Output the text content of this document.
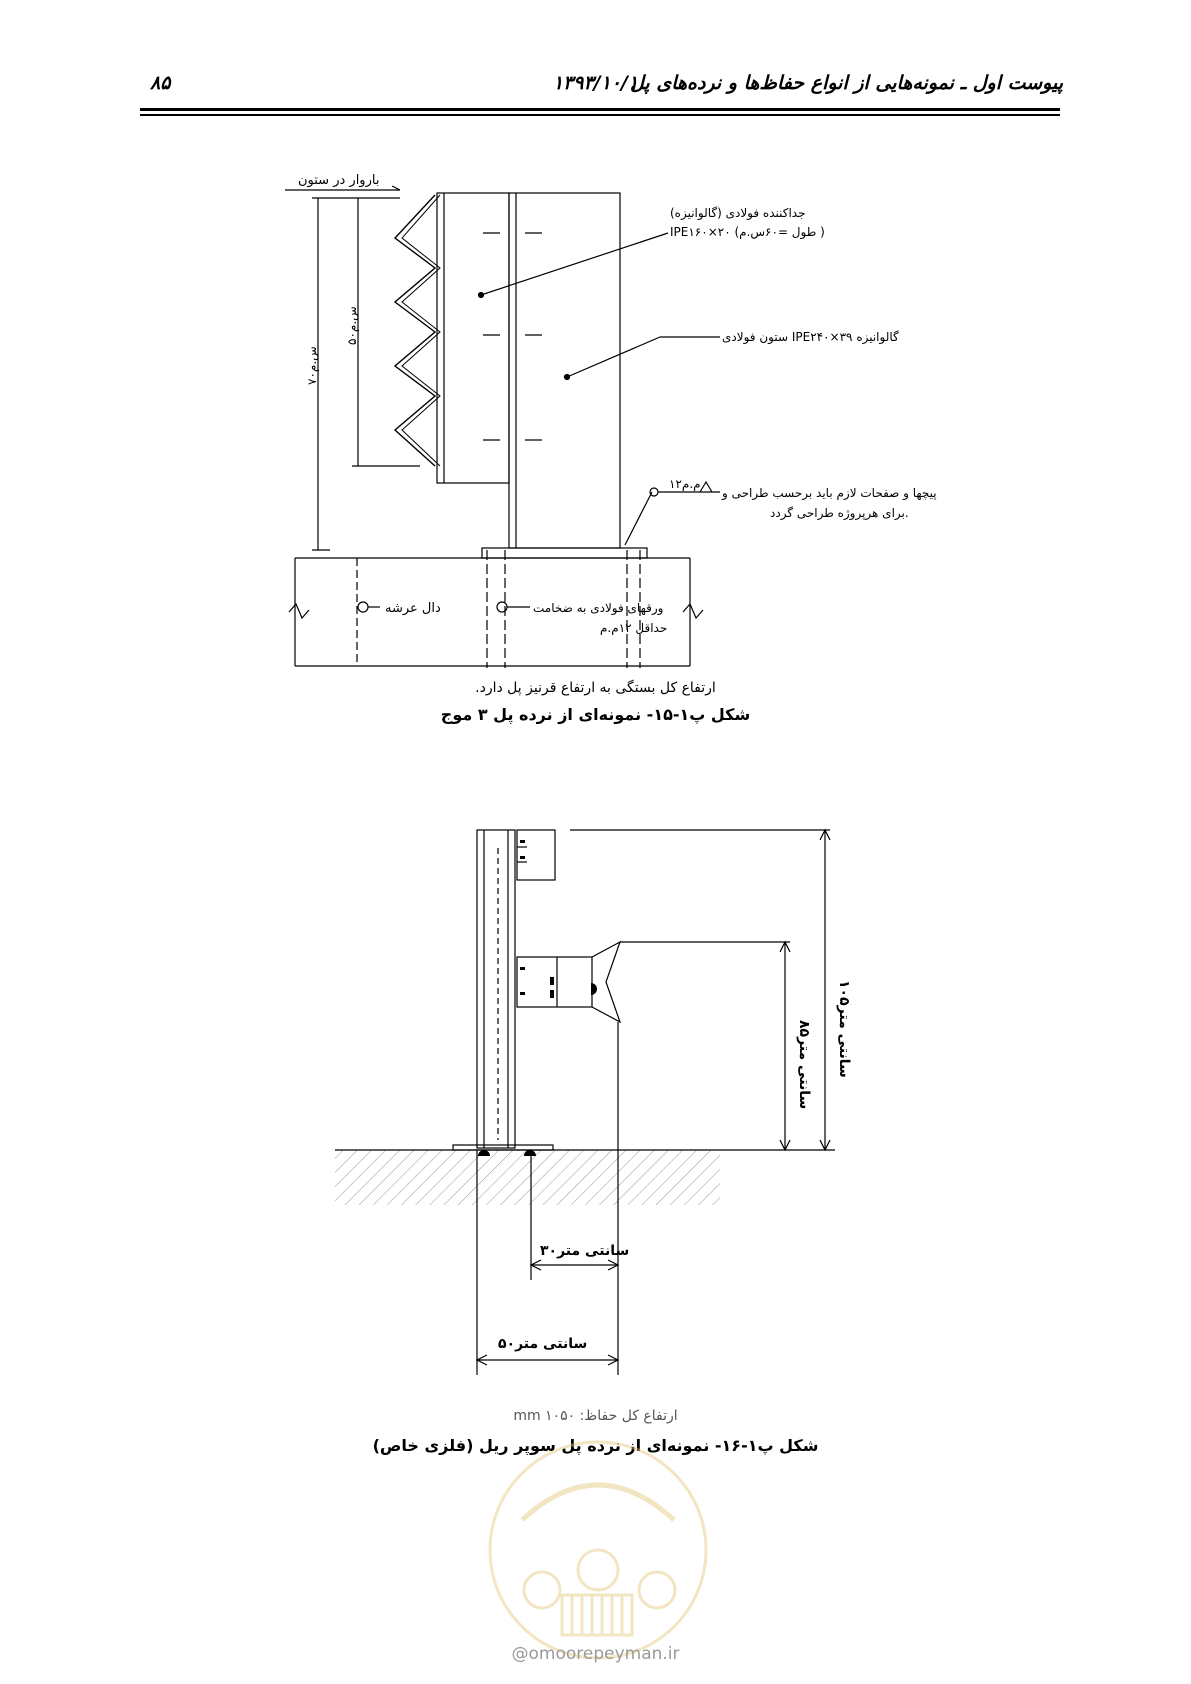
پیوست اول ـ نمونه‌هایی از انواع حفاظ‌ها و نرده‌های پل
۱۳۹۳/۱۰/۱
۸۵
باروار در ستون
جداکننده فولادی (گالوانیزه)
IPE۱۶۰×۲۰ (طول =۶۰س.م )
ستون فولادی IPE۲۴۰×۳۹ گالوانیزه
۱۲م.م
پیچها و صفحات لازم باید برحسب طراحی و
برای هرپروژه طراحی گردد.
دال عرشه	ورقهای فولادی به ضخامت
حداقل ۱۲م.م
۷۰س.م
۵۰س.م
ارتفاع کل بستگی به ارتفاع قرنیز پل دارد.
شکل پ۱-۱۵- نمونه‌ای از نرده پل ۳ موج
۱۰۵سانتی متر
۸۵سانتی متر
۳۰سانتی متر
۵۰سانتی متر
ارتفاع کل حفاظ: ۱۰۵۰ mm
شکل پ۱-۱۶- نمونه‌ای از نرده پل سوپر ریل (فلزی خاص)
@omoorepeyman.ir
